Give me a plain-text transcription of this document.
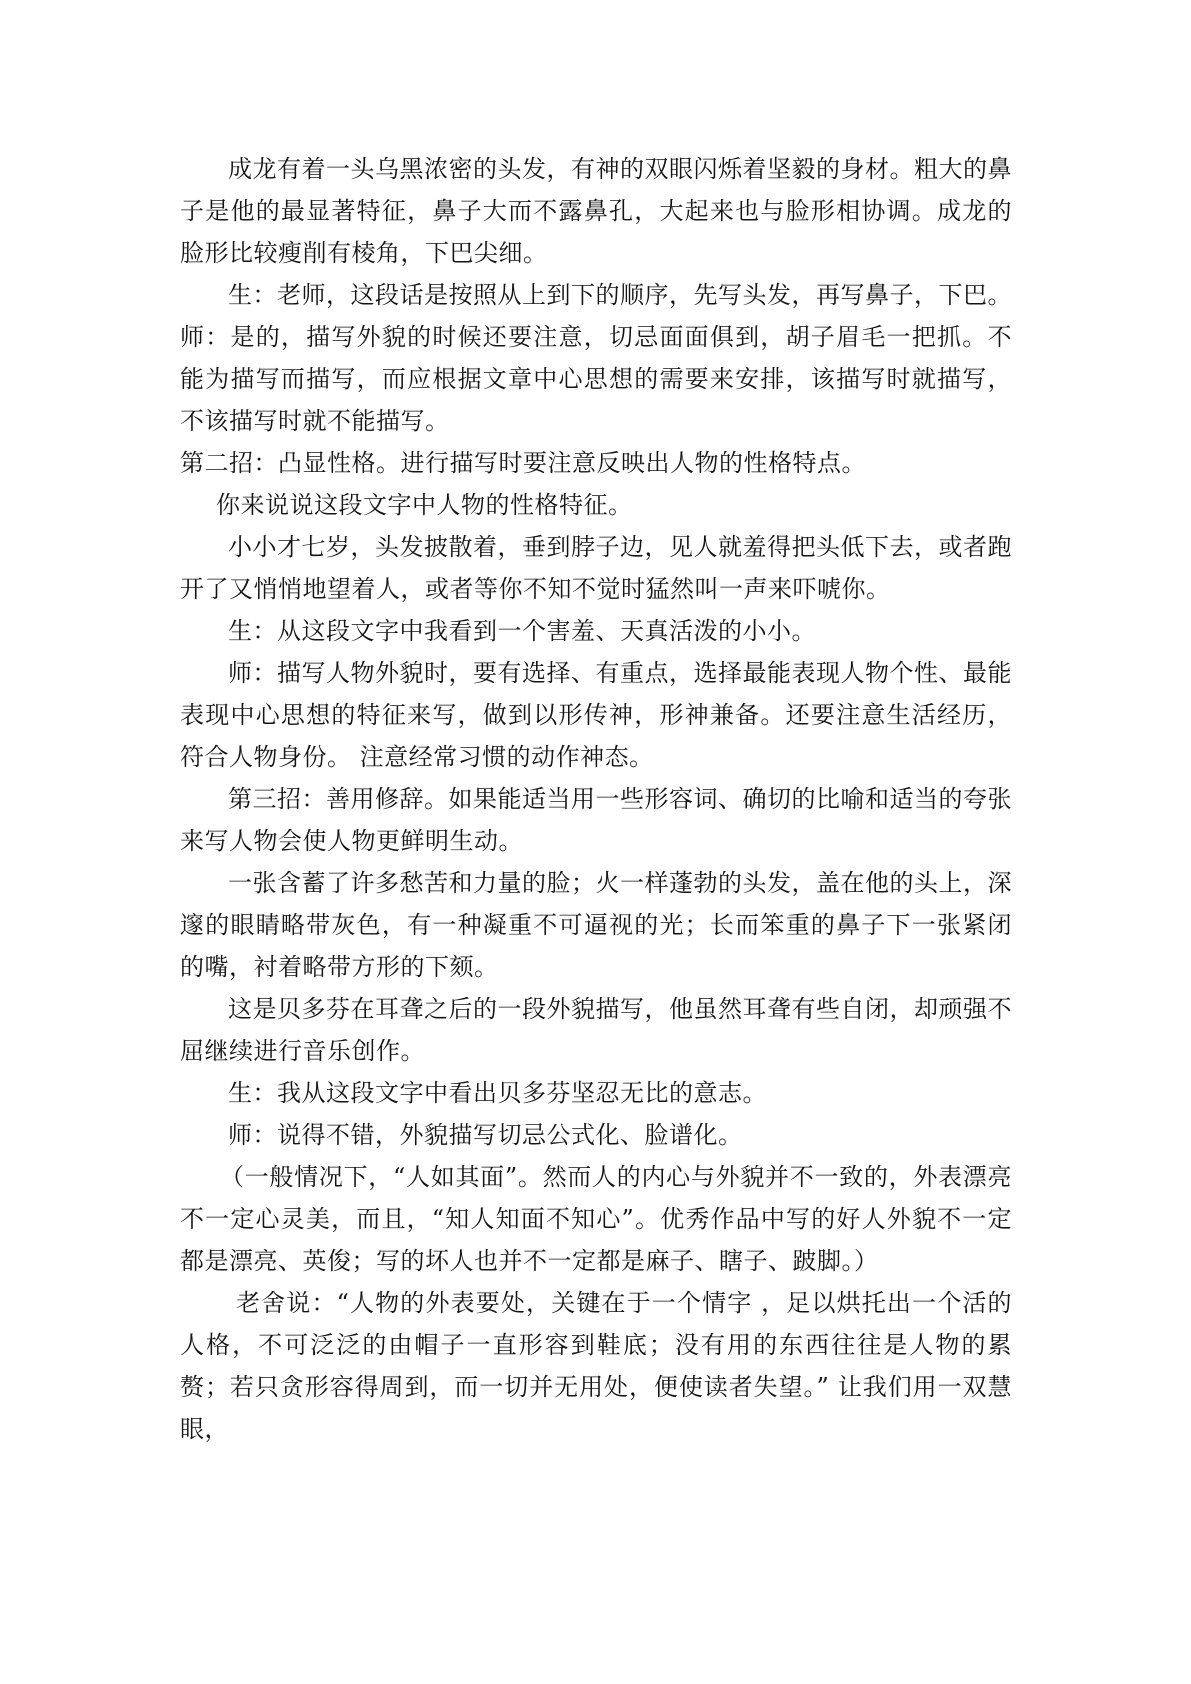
成龙有着一头乌黑浓密的头发，有神的双眼闪烁着坚毅的身材。粗大的鼻子是他的最显著特征，鼻子大而不露鼻孔，大起来也与脸形相协调。成龙的脸形比较瘦削有棱角，下巴尖细。

生：老师，这段话是按照从上到下的顺序，先写头发，再写鼻子，下巴。

师：是的，描写外貌的时候还要注意，切忌面面俱到，胡子眉毛一把抓。不能为描写而描写，而应根据文章中心思想的需要来安排，该描写时就描写，不该描写时就不能描写。

第二招：凸显性格。进行描写时要注意反映出人物的性格特点。

你来说说这段文字中人物的性格特征。

小小才七岁，头发披散着，垂到脖子边，见人就羞得把头低下去，或者跑开了又悄悄地望着人，或者等你不知不觉时猛然叫一声来吓唬你。

生：从这段文字中我看到一个害羞、天真活泼的小小。

师：描写人物外貌时，要有选择、有重点，选择最能表现人物个性、最能表现中心思想的特征来写，做到以形传神，形神兼备。还要注意生活经历，符合人物身份。 注意经常习惯的动作神态。

第三招：善用修辞。如果能适当用一些形容词、确切的比喻和适当的夸张来写人物会使人物更鲜明生动。

一张含蓄了许多愁苦和力量的脸；火一样蓬勃的头发，盖在他的头上，深邃的眼睛略带灰色，有一种凝重不可逼视的光；长而笨重的鼻子下一张紧闭的嘴，衬着略带方形的下颏。

这是贝多芬在耳聋之后的一段外貌描写，他虽然耳聋有些自闭，却顽强不屈继续进行音乐创作。

生：我从这段文字中看出贝多芬坚忍无比的意志。

师：说得不错，外貌描写切忌公式化、脸谱化。

（一般情况下，“人如其面”。然而人的内心与外貌并不一致的，外表漂亮不一定心灵美，而且，“知人知面不知心”。优秀作品中写的好人外貌不一定都是漂亮、英俊；写的坏人也并不一定都是麻子、瞎子、跛脚。）

老舍说：“人物的外表要处，关键在于一个情字 ，足以烘托出一个活的人格，不可泛泛的由帽子一直形容到鞋底；没有用的东西往往是人物的累赘；若只贪形容得周到，而一切并无用处，便使读者失望。” 让我们用一双慧眼，
